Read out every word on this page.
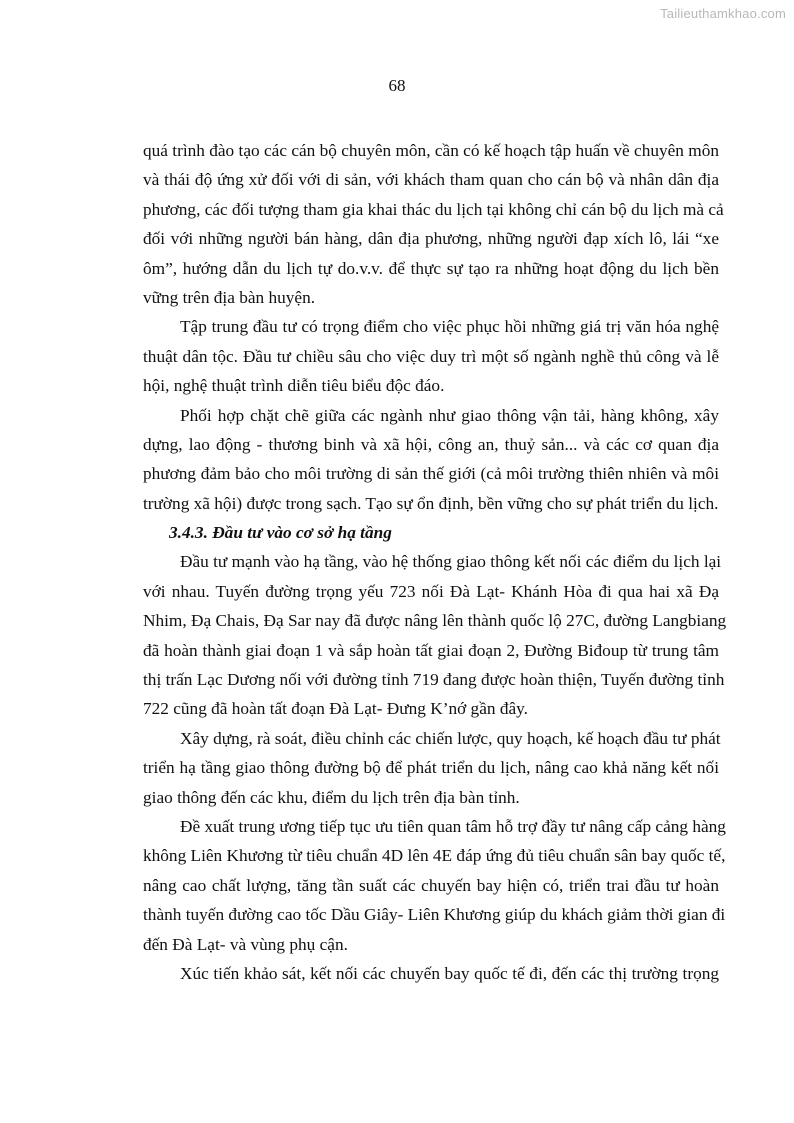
Tailieuthamkhao.com
68
quá trình đào tạo các cán bộ chuyên môn, cần có kế hoạch tập huấn về chuyên môn
và thái độ ứng xử đối với di sản, với khách tham quan cho cán bộ và nhân dân địa
phương, các đối tượng tham gia khai thác du lịch tại không chỉ cán bộ du lịch mà cả
đối với những người bán hàng, dân địa phương, những người đạp xích lô, lái “xe
ôm”, hướng dẫn du lịch tự do.v.v. để thực sự tạo ra những hoạt động du lịch bền
vững trên địa bàn huyện.
Tập trung đầu tư có trọng điểm cho việc phục hồi những giá trị văn hóa nghệ
thuật dân tộc. Đầu tư chiều sâu cho việc duy trì một số ngành nghề thủ công và lễ
hội, nghệ thuật trình diễn tiêu biểu độc đáo.
Phối hợp chặt chẽ giữa các ngành như giao thông vận tải, hàng không, xây
dựng, lao động - thương binh và xã hội, công an, thuỷ sản... và các cơ quan địa
phương đảm bảo cho môi trường di sản thế giới (cả môi trường thiên nhiên và môi
trường xã hội) được trong sạch. Tạo sự ổn định, bền vững cho sự phát triển du lịch.
3.4.3. Đầu tư vào cơ sở hạ tầng
Đầu tư mạnh vào hạ tầng, vào hệ thống giao thông kết nối các điểm du lịch lại
với nhau. Tuyến đường trọng yếu 723 nối Đà Lạt- Khánh Hòa đi qua hai xã Đạ
Nhim, Đạ Chais, Đạ Sar nay đã được nâng lên thành quốc lộ 27C, đường Langbiang
đã hoàn thành giai đoạn 1 và sắp hoàn tất giai đoạn 2, Đường Biđoup từ trung tâm
thị trấn Lạc Dương nối với đường tỉnh 719 đang được hoàn thiện, Tuyến đường tỉnh
722 cũng đã hoàn tất đoạn Đà Lạt- Đưng K’nớ gần đây.
Xây dựng, rà soát, điều chỉnh các chiến lược, quy hoạch, kế hoạch đầu tư phát
triển hạ tầng giao thông đường bộ để phát triển du lịch, nâng cao khả năng kết nối
giao thông đến các khu, điểm du lịch trên địa bàn tỉnh.
Đề xuất trung ương tiếp tục ưu tiên quan tâm hỗ trợ đầy tư nâng cấp cảng hàng
không Liên Khương từ tiêu chuẩn 4D lên 4E đáp ứng đủ tiêu chuẩn sân bay quốc tế,
nâng cao chất lượng, tăng tần suất các chuyến bay hiện có, triển trai đầu tư hoàn
thành tuyến đường cao tốc Dầu Giây- Liên Khương giúp du khách giảm thời gian đi
đến Đà Lạt- và vùng phụ cận.
Xúc tiến khảo sát, kết nối các chuyến bay quốc tế đi, đến các thị trường trọng
